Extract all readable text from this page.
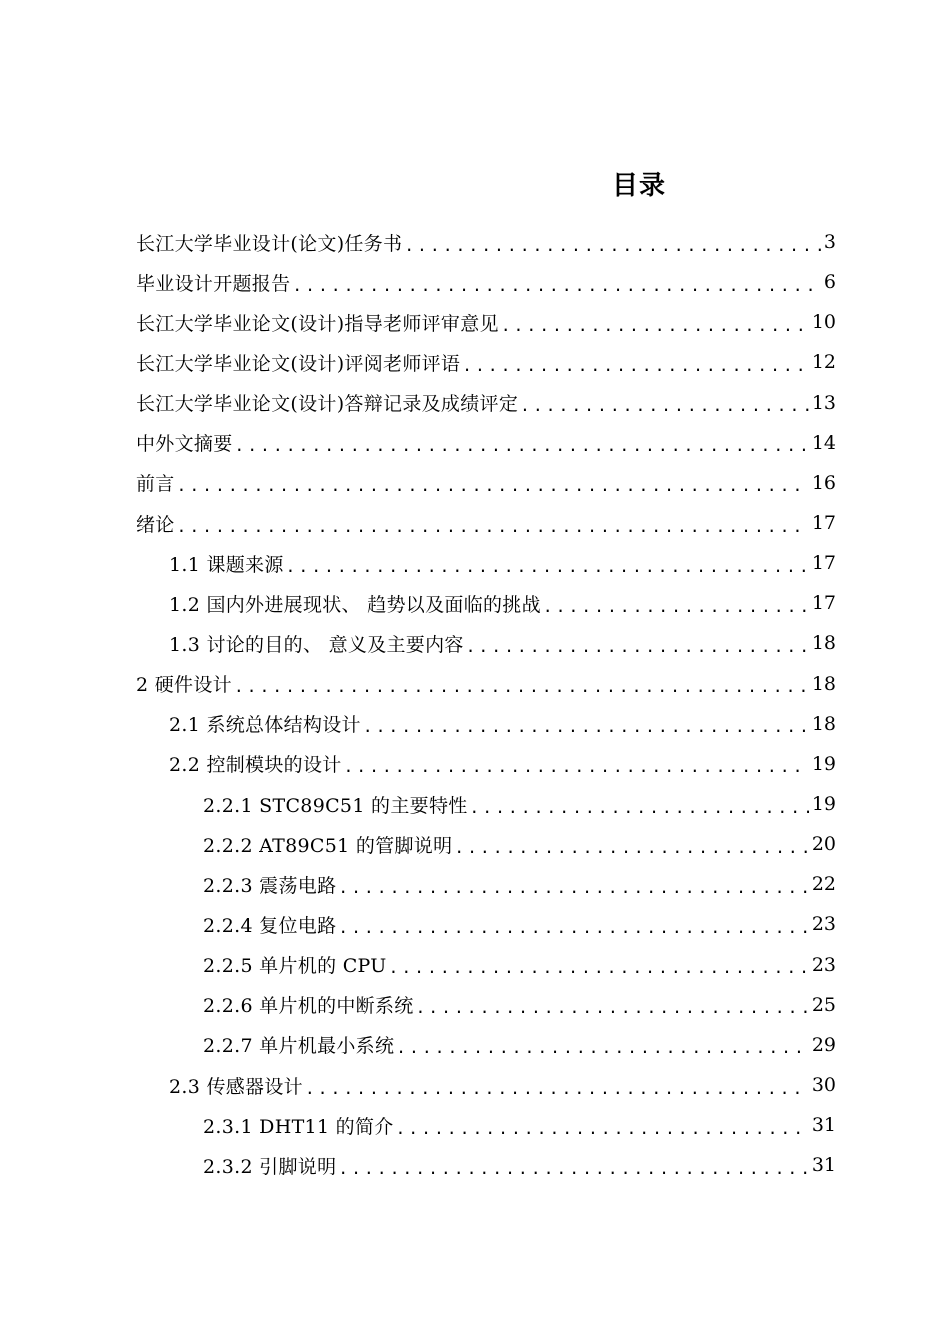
目录
长江大学毕业设计(论文)任务书 .....	3
毕业设计开题报告 .....	6
长江大学毕业论文(设计)指导老师评审意见 .....	10
长江大学毕业论文(设计)评阅老师评语 .....	12
长江大学毕业论文(设计)答辩记录及成绩评定 .....	13
中外文摘要 .....	14
前言 .....	16
绪论 .....	17
1.1 课题来源 .....	17
1.2 国内外进展现状、 趋势以及面临的挑战 .....	17
1.3 讨论的目的、 意义及主要内容 .....	18
2 硬件设计 .....	18
2.1 系统总体结构设计 .....	18
2.2 控制模块的设计 .....	19
2.2.1 STC89C51 的主要特性 .....	19
2.2.2 AT89C51 的管脚说明 .....	20
2.2.3 震荡电路 .....	22
2.2.4 复位电路 .....	23
2.2.5 单片机的 CPU .....	23
2.2.6 单片机的中断系统 .....	25
2.2.7 单片机最小系统 .....	29
2.3 传感器设计 .....	30
2.3.1 DHT11 的简介 .....	31
2.3.2 引脚说明 .....	31
